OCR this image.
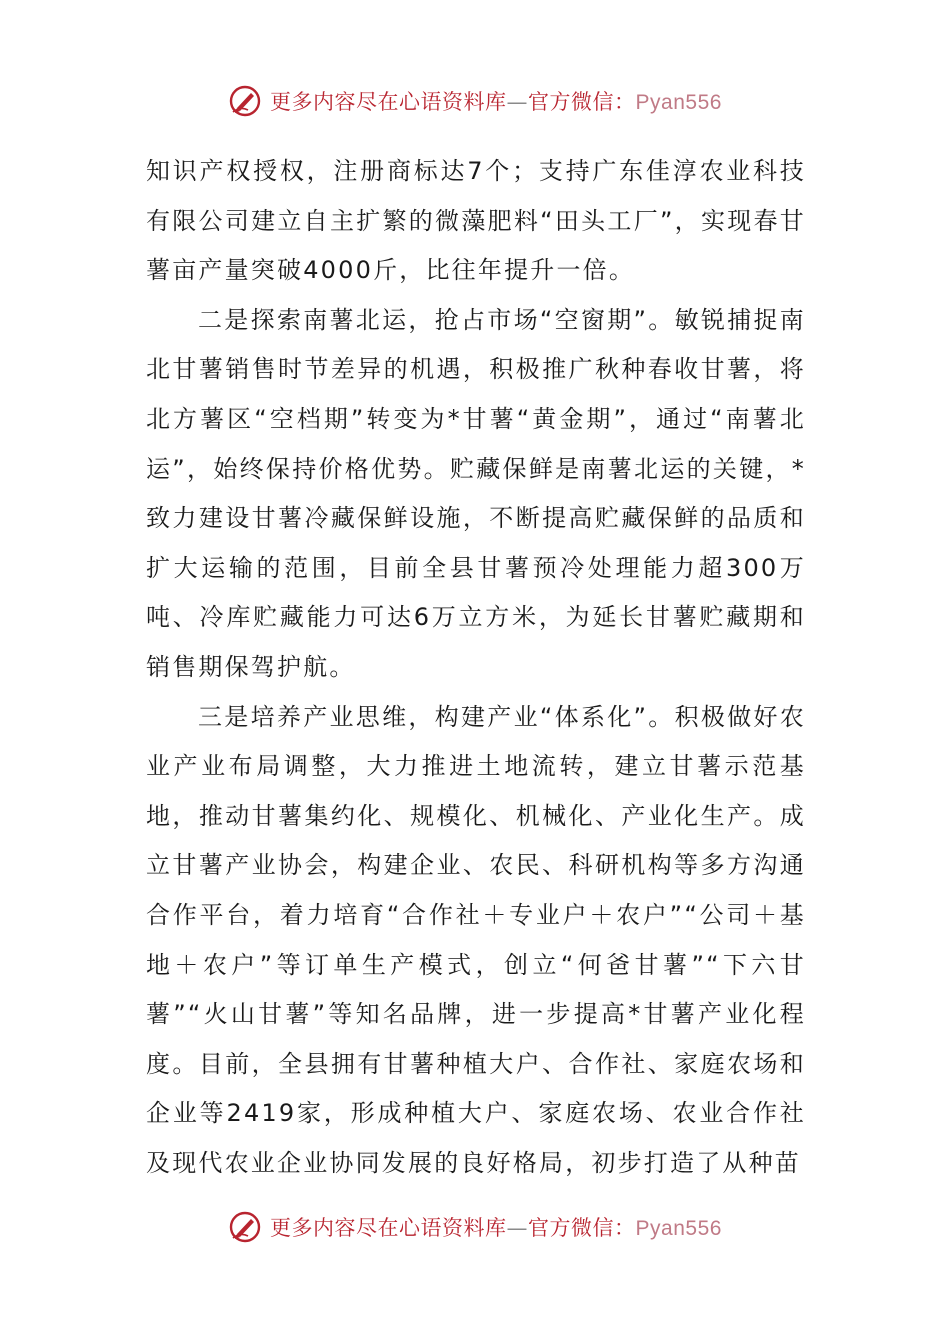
更多内容尽在心语资料库—官方微信：Pyan556

知识产权授权，注册商标达7个；支持广东佳淳农业科技有限公司建立自主扩繁的微藻肥料“田头工厂”，实现春甘薯亩产量突破4000斤，比往年提升一倍。

二是探索南薯北运，抢占市场“空窗期”。敏锐捕捉南北甘薯销售时节差异的机遇，积极推广秋种春收甘薯，将北方薯区“空档期”转变为*甘薯“黄金期”，通过“南薯北运”，始终保持价格优势。贮藏保鲜是南薯北运的关键，*致力建设甘薯冷藏保鲜设施，不断提高贮藏保鲜的品质和扩大运输的范围，目前全县甘薯预冷处理能力超300万吨、冷库贮藏能力可达6万立方米，为延长甘薯贮藏期和销售期保驾护航。

三是培养产业思维，构建产业“体系化”。积极做好农业产业布局调整，大力推进土地流转，建立甘薯示范基地，推动甘薯集约化、规模化、机械化、产业化生产。成立甘薯产业协会，构建企业、农民、科研机构等多方沟通合作平台，着力培育“合作社＋专业户＋农户”“公司＋基地＋农户”等订单生产模式，创立“何爸甘薯”“下六甘薯”“火山甘薯”等知名品牌，进一步提高*甘薯产业化程度。目前，全县拥有甘薯种植大户、合作社、家庭农场和企业等2419家，形成种植大户、家庭农场、农业合作社及现代农业企业协同发展的良好格局，初步打造了从种苗

更多内容尽在心语资料库—官方微信：Pyan556
